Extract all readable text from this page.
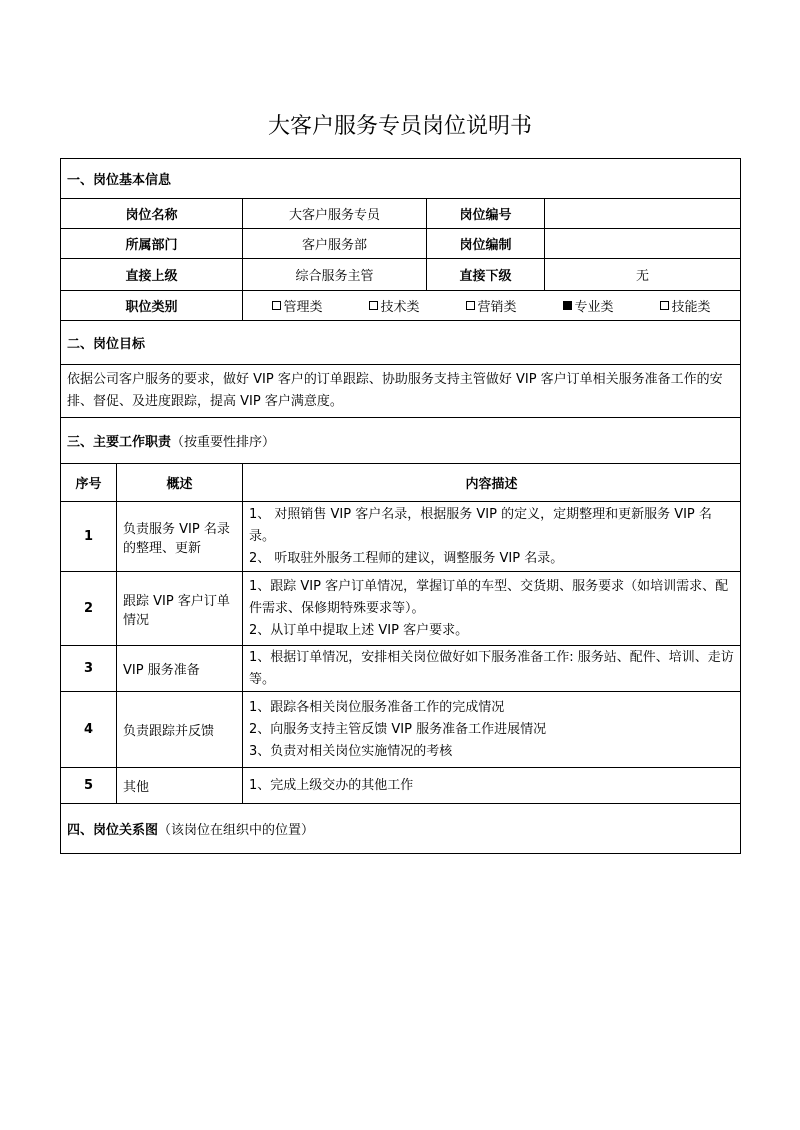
大客户服务专员岗位说明书
一、岗位基本信息				
岗位名称		大客户服务专员	岗位编号	
所属部门		客户服务部	岗位编制	
直接上级		综合服务主管	直接下级	无
职位类别		管理类 技术类 营销类 专业类 技能类		

二、岗位目标				
依据公司客户服务的要求，做好 VIP 客户的订单跟踪、协助服务支持主管做好 VIP 客户订单相关服务准备工作的安排、督促、及进度跟踪，提高 VIP 客户满意度。				
三、主要工作职责（按重要性排序）				
序号	概述	内容描述		
1	负责服务 VIP 名录的整理、更新	1、 对照销售 VIP 客户名录，根据服务 VIP 的定义，定期整理和更新服务 VIP 名录。
2、 听取驻外服务工程师的建议，调整服务 VIP 名录。		

2	跟踪 VIP 客户订单情况	1、跟踪 VIP 客户订单情况，掌握订单的车型、交货期、服务要求（如培训需求、配件需求、保修期特殊要求等）。
2、从订单中提取上述 VIP 客户要求。		

3	VIP 服务准备	1、根据订单情况，安排相关岗位做好如下服务准备工作: 服务站、配件、培训、走访等。		

4	负责跟踪并反馈	1、跟踪各相关岗位服务准备工作的完成情况
2、向服务支持主管反馈 VIP 服务准备工作进展情况
3、负责对相关岗位实施情况的考核		

5	其他	1、完成上级交办的其他工作		

四、岗位关系图（该岗位在组织中的位置）				
